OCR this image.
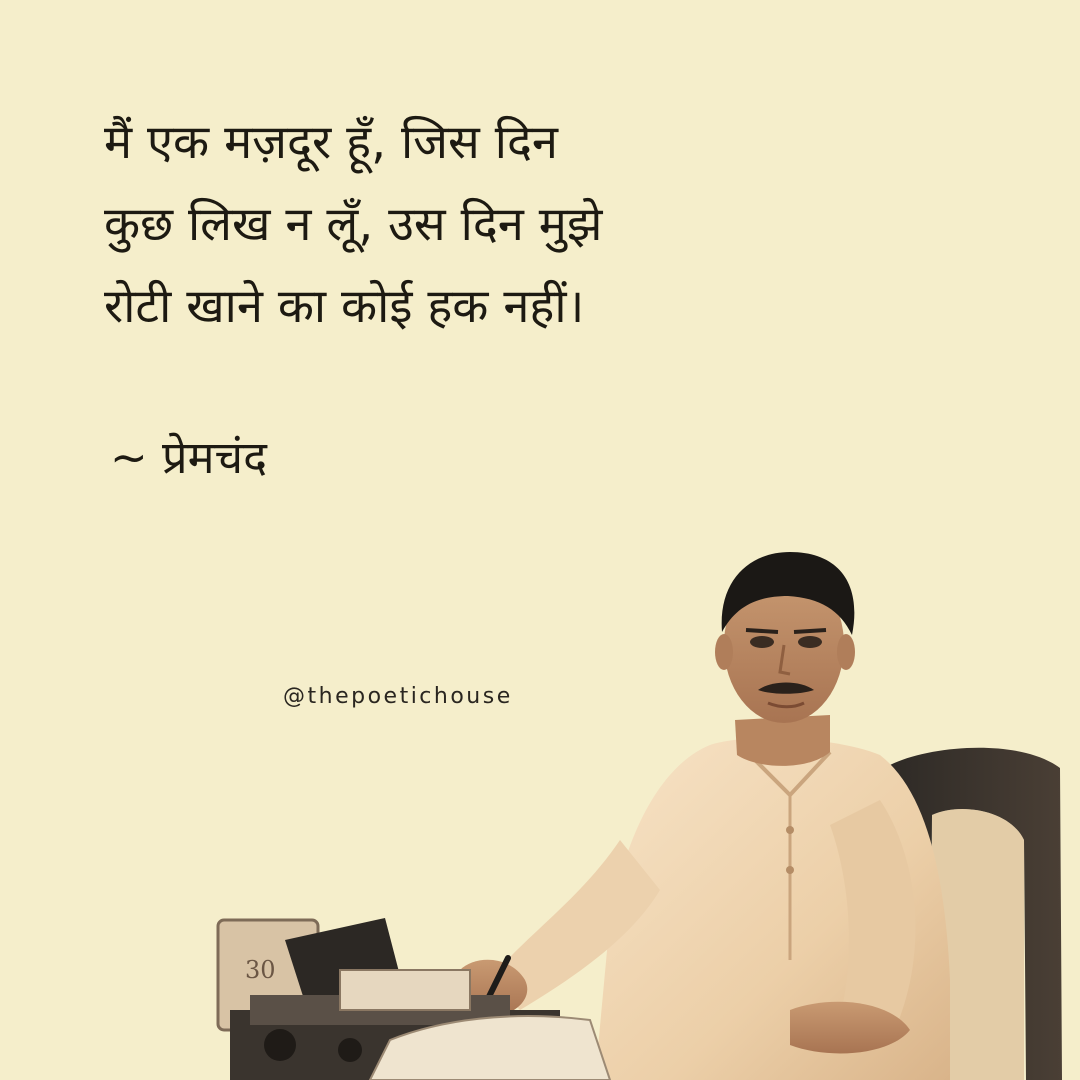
मैं एक मज़दूर हूँ, जिस दिन
कुछ लिख न लूँ, उस दिन मुझे
रोटी खाने का कोई हक नहीं।
~ प्रेमचंद
@thepoetichouse
30
